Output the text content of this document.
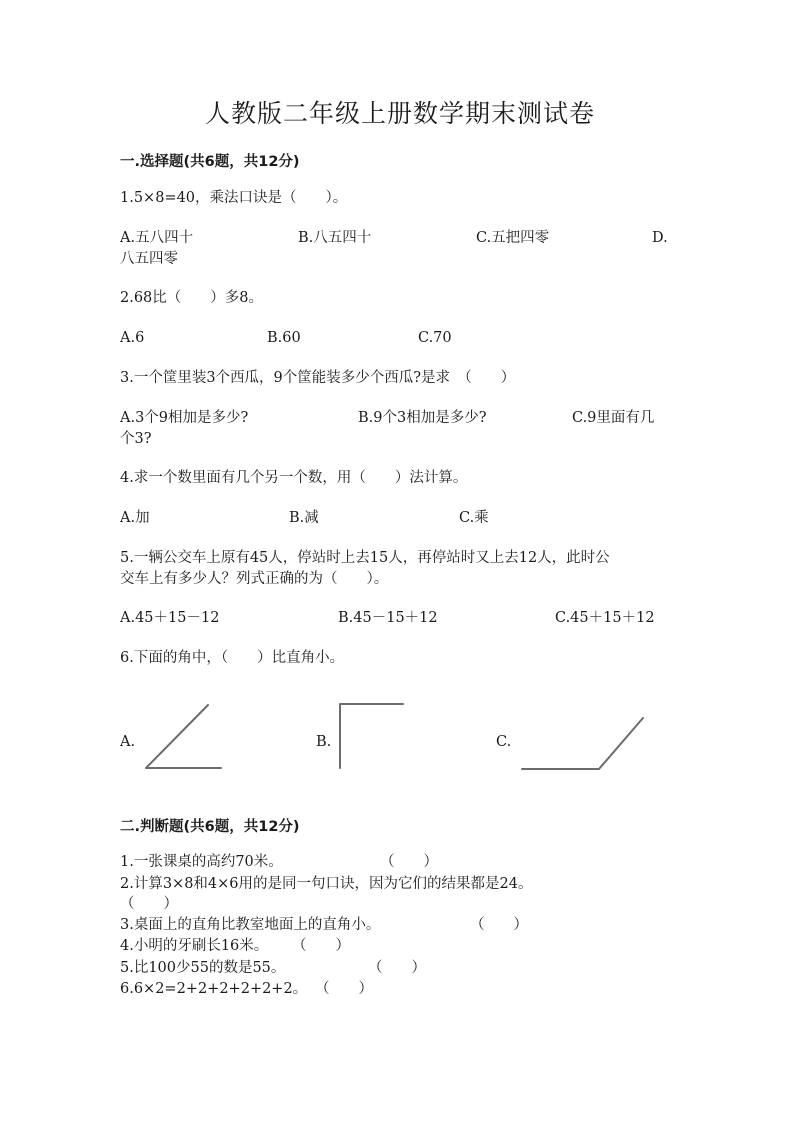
人教版二年级上册数学期末测试卷
一.选择题(共6题，共12分)
1.5×8=40，乘法口诀是（　　）。
A.五八四十	B.八五四十	C.五把四零	D.
八五四零
2.68比（　　）多8。
A.6	B.60	C.70
3.一个筐里装3个西瓜，9个筐能装多少个西瓜?是求　（　　）
A.3个9相加是多少?	B.9个3相加是多少?	C.9里面有几
个3?
4.求一个数里面有几个另一个数，用（　　）法计算。
A.加	B.减	C.乘
5.一辆公交车上原有45人，停站时上去15人，再停站时又上去12人，此时公
交车上有多少人？列式正确的为（　　）。
A.45＋15－12	B.45－15＋12	C.45＋15＋12
6.下面的角中，（　　）比直角小。
A.	B.	C.
二.判断题(共6题，共12分)
1.一张课桌的高约70米。	（　　）
2.计算3×8和4×6用的是同一句口诀，因为它们的结果都是24。
（　　）
3.桌面上的直角比教室地面上的直角小。	（　　）
4.小明的牙刷长16米。 （　　）
5.比100少55的数是55。	（　　）
6.6×2=2+2+2+2+2+2。 （　　）
